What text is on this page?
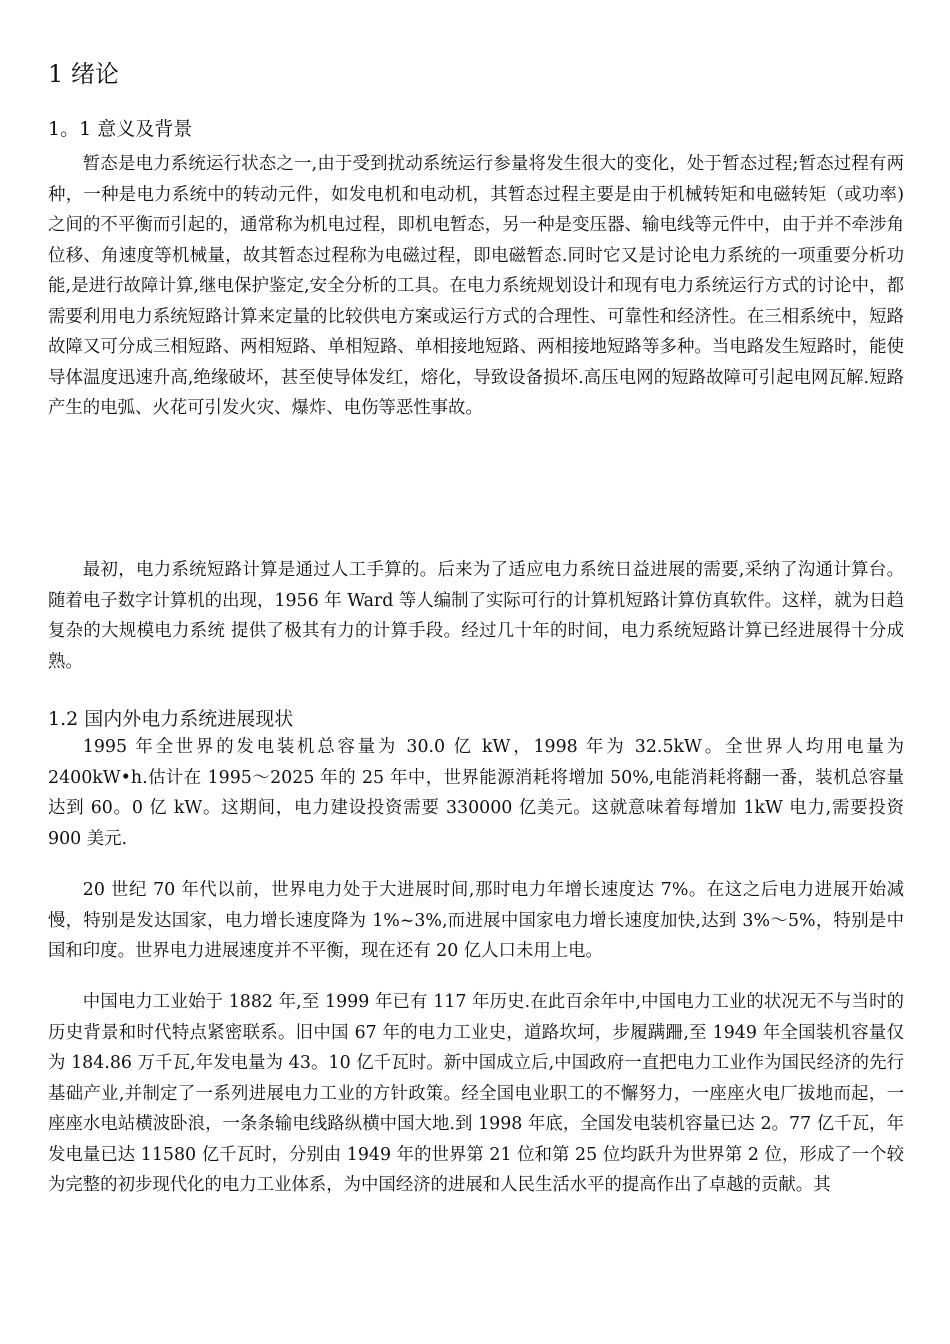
1 绪论
1。1 意义及背景
暂态是电力系统运行状态之一,由于受到扰动系统运行参量将发生很大的变化，处于暂态过程;暂态过程有两种，一种是电力系统中的转动元件，如发电机和电动机，其暂态过程主要是由于机械转矩和电磁转矩（或功率)之间的不平衡而引起的，通常称为机电过程，即机电暂态，另一种是变压器、输电线等元件中，由于并不牵涉角位移、角速度等机械量，故其暂态过程称为电磁过程，即电磁暂态.同时它又是讨论电力系统的一项重要分析功能,是进行故障计算,继电保护鉴定,安全分析的工具。在电力系统规划设计和现有电力系统运行方式的讨论中，都需要利用电力系统短路计算来定量的比较供电方案或运行方式的合理性、可靠性和经济性。在三相系统中，短路故障又可分成三相短路、两相短路、单相短路、单相接地短路、两相接地短路等多种。当电路发生短路时，能使导体温度迅速升高,绝缘破坏，甚至使导体发红，熔化，导致设备损坏.高压电网的短路故障可引起电网瓦解.短路产生的电弧、火花可引发火灾、爆炸、电伤等恶性事故。
最初，电力系统短路计算是通过人工手算的。后来为了适应电力系统日益进展的需要,采纳了沟通计算台。随着电子数字计算机的出现，1956 年 Ward 等人编制了实际可行的计算机短路计算仿真软件。这样，就为日趋复杂的大规模电力系统 提供了极其有力的计算手段。经过几十年的时间，电力系统短路计算已经进展得十分成熟。
1.2 国内外电力系统进展现状
1995 年全世界的发电装机总容量为 30.0 亿 kW，1998 年为 32.5kW。全世界人均用电量为 2400kW•h.估计在 1995～2025 年的 25 年中，世界能源消耗将增加 50%,电能消耗将翻一番，装机总容量达到 60。0 亿 kW。这期间，电力建设投资需要 330000 亿美元。这就意味着每增加 1kW 电力,需要投资 900 美元.
20 世纪 70 年代以前，世界电力处于大进展时间,那时电力年增长速度达 7%。在这之后电力进展开始减慢，特别是发达国家，电力增长速度降为 1%~3%,而进展中国家电力增长速度加快,达到 3%～5%，特别是中国和印度。世界电力进展速度并不平衡，现在还有 20 亿人口未用上电。
中国电力工业始于 1882 年,至 1999 年已有 117 年历史.在此百余年中,中国电力工业的状况无不与当时的历史背景和时代特点紧密联系。旧中国 67 年的电力工业史，道路坎坷，步履蹒跚,至 1949 年全国装机容量仅为 184.86 万千瓦,年发电量为 43。10 亿千瓦时。新中国成立后,中国政府一直把电力工业作为国民经济的先行基础产业,并制定了一系列进展电力工业的方针政策。经全国电业职工的不懈努力，一座座火电厂拔地而起，一座座水电站横波卧浪，一条条输电线路纵横中国大地.到 1998 年底，全国发电装机容量已达 2。77 亿千瓦，年发电量已达 11580 亿千瓦时，分别由 1949 年的世界第 21 位和第 25 位均跃升为世界第 2 位，形成了一个较为完整的初步现代化的电力工业体系，为中国经济的进展和人民生活水平的提高作出了卓越的贡献。其
